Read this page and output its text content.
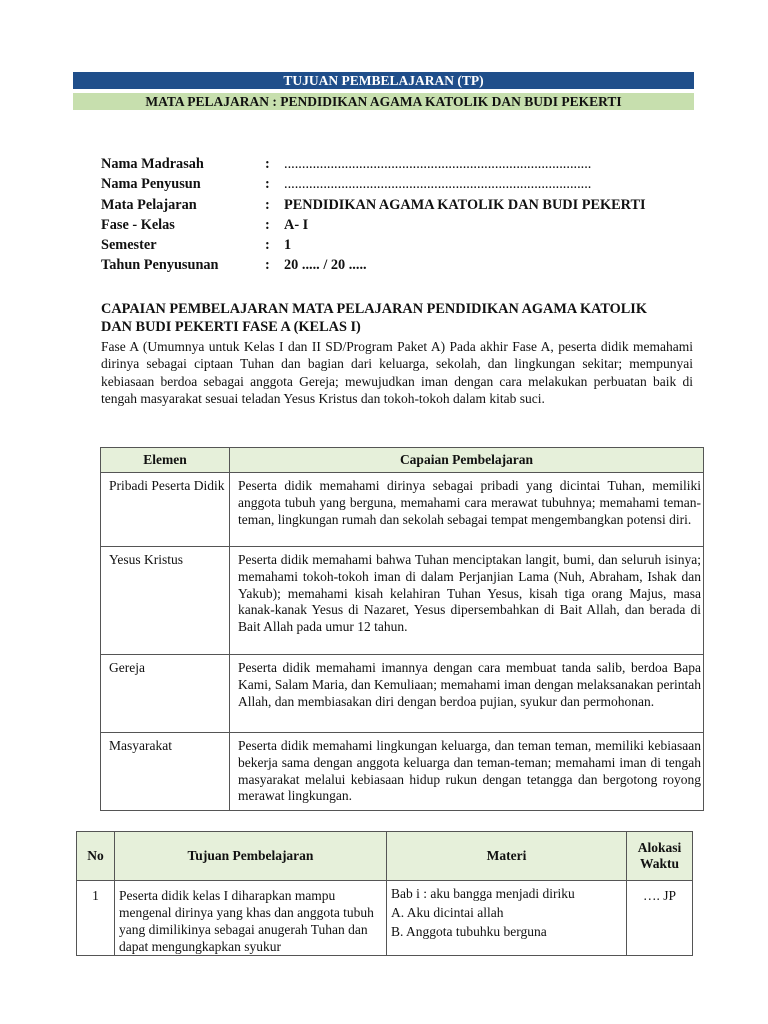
TUJUAN PEMBELAJARAN (TP)
MATA PELAJARAN : PENDIDIKAN AGAMA KATOLIK DAN BUDI PEKERTI
Nama Madrasah	: ......................................................................................
Nama Penyusun	: ......................................................................................
Mata Pelajaran	: PENDIDIKAN AGAMA KATOLIK DAN BUDI PEKERTI
Fase - Kelas	: A- I
Semester	: 1
Tahun Penyusunan	: 20 ..... / 20 .....
CAPAIAN PEMBELAJARAN MATA PELAJARAN PENDIDIKAN AGAMA KATOLIK DAN BUDI PEKERTI FASE A (KELAS I)
Fase A (Umumnya untuk Kelas I dan II SD/Program Paket A) Pada akhir Fase A, peserta didik memahami dirinya sebagai ciptaan Tuhan dan bagian dari keluarga, sekolah, dan lingkungan sekitar; mempunyai kebiasaan berdoa sebagai anggota Gereja; mewujudkan iman dengan cara melakukan perbuatan baik di tengah masyarakat sesuai teladan Yesus Kristus dan tokoh-tokoh dalam kitab suci.
Elemen	Capaian Pembelajaran
Pribadi Peserta Didik	Peserta didik memahami dirinya sebagai pribadi yang dicintai Tuhan, memiliki anggota tubuh yang berguna, memahami cara merawat tubuhnya; memahami teman-teman, lingkungan rumah dan sekolah sebagai tempat mengembangkan potensi diri.
Yesus Kristus	Peserta didik memahami bahwa Tuhan menciptakan langit, bumi, dan seluruh isinya; memahami tokoh-tokoh iman di dalam Perjanjian Lama (Nuh, Abraham, Ishak dan Yakub); memahami kisah kelahiran Tuhan Yesus, kisah tiga orang Majus, masa kanak-kanak Yesus di Nazaret, Yesus dipersembahkan di Bait Allah, dan berada di Bait Allah pada umur 12 tahun.
Gereja	Peserta didik memahami imannya dengan cara membuat tanda salib, berdoa Bapa Kami, Salam Maria, dan Kemuliaan; memahami iman dengan melaksanakan perintah Allah, dan membiasakan diri dengan berdoa pujian, syukur dan permohonan.
Masyarakat	Peserta didik memahami lingkungan keluarga, dan teman teman, memiliki kebiasaan bekerja sama dengan anggota keluarga dan teman-teman; memahami iman di tengah masyarakat melalui kebiasaan hidup rukun dengan tetangga dan bergotong royong merawat lingkungan.
No	Tujuan Pembelajaran	Materi	Alokasi Waktu
1	Peserta didik kelas I diharapkan mampu mengenal dirinya yang khas dan anggota tubuh yang dimilikinya sebagai anugerah Tuhan dan dapat mengungkapkan syukur	Bab i : aku bangga menjadi diriku
A. Aku dicintai allah
B. Anggota tubuhku berguna	…. JP
